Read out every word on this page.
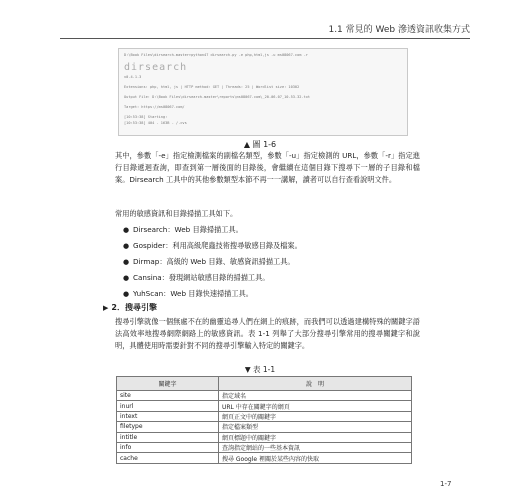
1.1 常見的 Web 滲透資訊收集方式
D:\Book Files\dirsearch-master>python47 dirsearch.py -e php,html,js -u ms08067.com -r
dirsearch
v0.4.1.3
Extensions: php, html, js | HTTP method: GET | Threads: 25 | Wordlist size: 10302
Output File: D:\Book Files\dirsearch-master\reports\ms08067.com\_20-06-07_10-53-32.txt
Target: https://ms08067.com/
[10:53:38] Starting:
[10:53:38] 404 - 163B - /.cvs
▲ 圖 1-6

其中，參數「-e」指定檢測檔案的副檔名類型，參數「-u」指定檢測的 URL，參數「-r」指定進行目錄遞迴查詢，即查到第一層後面的目錄後，會繼續在這個目錄下搜尋下一層的子目錄和檔案。Dirsearch 工具中的其他參數類型本節不再一一講解，讀者可以自行查看說明文件。

常用的敏感資訊和目錄掃描工具如下。

● Dirsearch：Web 目錄掃描工具。
● Gospider：利用高級爬蟲技術搜尋敏感目錄及檔案。
● Dirmap：高級的 Web 目錄、敏感資訊掃描工具。
● Cansina：發現網站敏感目錄的掃描工具。
● YuhScan：Web 目錄快速掃描工具。
▶ 2．搜尋引擎

搜尋引擎就像一個無處不在的幽靈追尋人們在網上的痕跡，而我們可以透過建構特殊的關鍵字語法高效率地搜尋網際網路上的敏感資訊。表 1-1 列舉了大部分搜尋引擎常用的搜尋關鍵字和說明，具體使用時需要針對不同的搜尋引擎輸入特定的關鍵字。

▼ 表 1-1
關鍵字	說　明
site	指定域名
inurl	URL 中存在關鍵字的網頁
intext	網頁正文中的關鍵字
filetype	指定檔案類型
intitle	網頁標題中的關鍵字
info	查詢指定網站的一些基本資訊
cache	搜尋 Google 裡關於某些內容的快取
1-7
